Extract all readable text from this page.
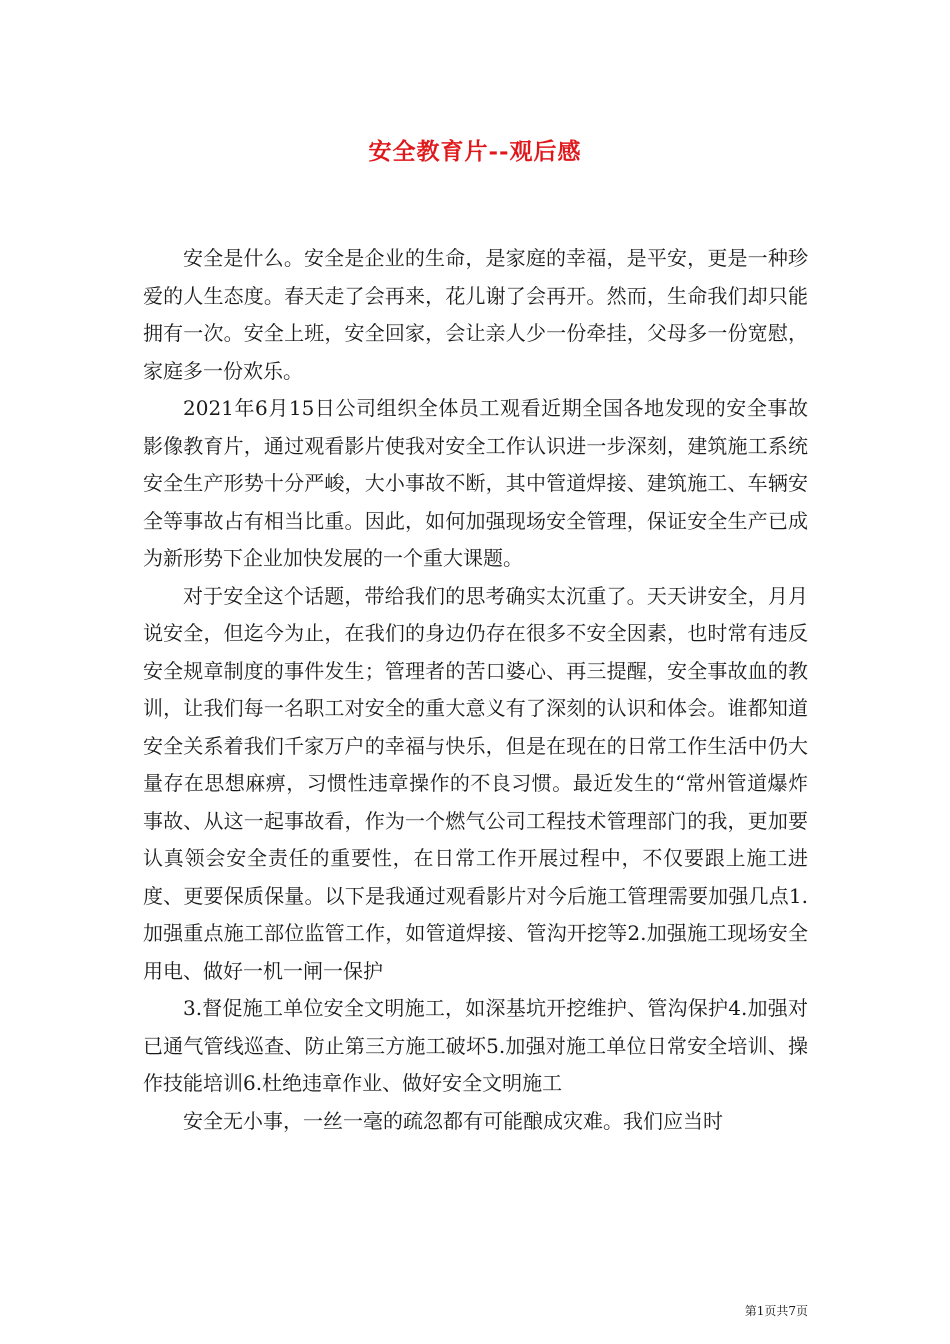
安全教育片--观后感

安全是什么。安全是企业的生命，是家庭的幸福，是平安，更是一种珍爱的人生态度。春天走了会再来，花儿谢了会再开。然而，生命我们却只能拥有一次。安全上班，安全回家，会让亲人少一份牵挂，父母多一份宽慰，家庭多一份欢乐。

2021年6月15日公司组织全体员工观看近期全国各地发现的安全事故影像教育片，通过观看影片使我对安全工作认识进一步深刻，建筑施工系统安全生产形势十分严峻，大小事故不断，其中管道焊接、建筑施工、车辆安全等事故占有相当比重。因此，如何加强现场安全管理，保证安全生产已成为新形势下企业加快发展的一个重大课题。

对于安全这个话题，带给我们的思考确实太沉重了。天天讲安全，月月说安全，但迄今为止，在我们的身边仍存在很多不安全因素，也时常有违反安全规章制度的事件发生；管理者的苦口婆心、再三提醒，安全事故血的教训，让我们每一名职工对安全的重大意义有了深刻的认识和体会。谁都知道安全关系着我们千家万户的幸福与快乐，但是在现在的日常工作生活中仍大量存在思想麻痹，习惯性违章操作的不良习惯。最近发生的“常州管道爆炸事故、从这一起事故看，作为一个燃气公司工程技术管理部门的我，更加要认真领会安全责任的重要性，在日常工作开展过程中，不仅要跟上施工进度、更要保质保量。以下是我通过观看影片对今后施工管理需要加强几点1.加强重点施工部位监管工作，如管道焊接、管沟开挖等2.加强施工现场安全用电、做好一机一闸一保护

3.督促施工单位安全文明施工，如深基坑开挖维护、管沟保护4.加强对已通气管线巡查、防止第三方施工破坏5.加强对施工单位日常安全培训、操作技能培训6.杜绝违章作业、做好安全文明施工

安全无小事，一丝一毫的疏忽都有可能酿成灾难。我们应当时

第1页共7页
